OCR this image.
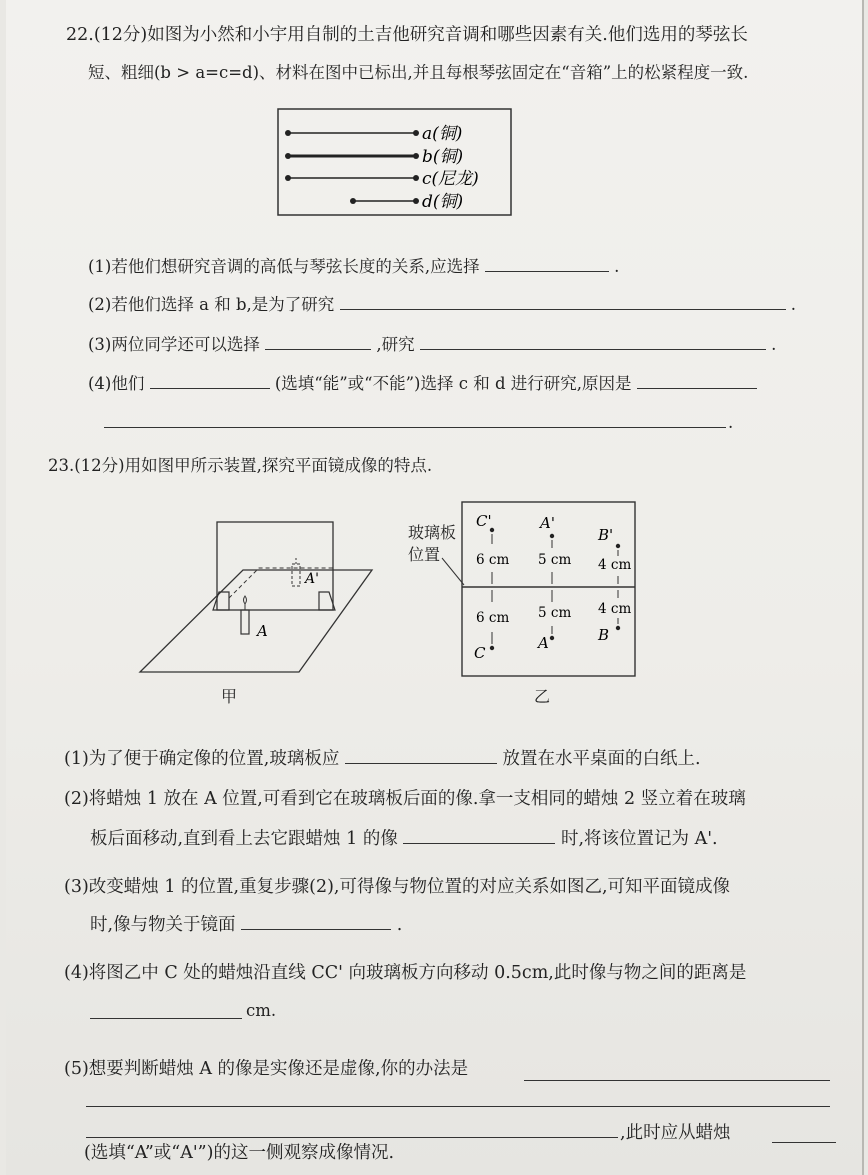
22.(12分)如图为小然和小宇用自制的土吉他研究音调和哪些因素有关.他们选用的琴弦长
短、粗细(b > a=c=d)、材料在图中已标出,并且每根琴弦固定在“音箱”上的松紧程度一致.
a(铜)
b(铜)
c(尼龙)
d(铜)
(1)若他们想研究音调的高低与琴弦长度的关系,应选择	.
(2)若他们选择 a 和 b,是为了研究	.
(3)两位同学还可以选择	,研究	.
(4)他们	(选填“能”或“不能”)选择 c 和 d 进行研究,原因是
.
23.(12分)用如图甲所示装置,探究平面镜成像的特点.
A
A'
甲
玻璃板
位置
C'	A'
B'
C
A	B
6 cm 5 cm 4 cm
6 cm 5 cm 4 cm
乙
(1)为了便于确定像的位置,玻璃板应	放置在水平桌面的白纸上.
(2)将蜡烛 1 放在 A 位置,可看到它在玻璃板后面的像.拿一支相同的蜡烛 2 竖立着在玻璃
板后面移动,直到看上去它跟蜡烛 1 的像	时,将该位置记为 A'.
(3)改变蜡烛 1 的位置,重复步骤(2),可得像与物位置的对应关系如图乙,可知平面镜成像
时,像与物关于镜面	.
(4)将图乙中 C 处的蜡烛沿直线 CC' 向玻璃板方向移动 0.5cm,此时像与物之间的距离是
cm.
(5)想要判断蜡烛 A 的像是实像还是虚像,你的办法是
,此时应从蜡烛
(选填“A”或“A'”)的这一侧观察成像情况.
